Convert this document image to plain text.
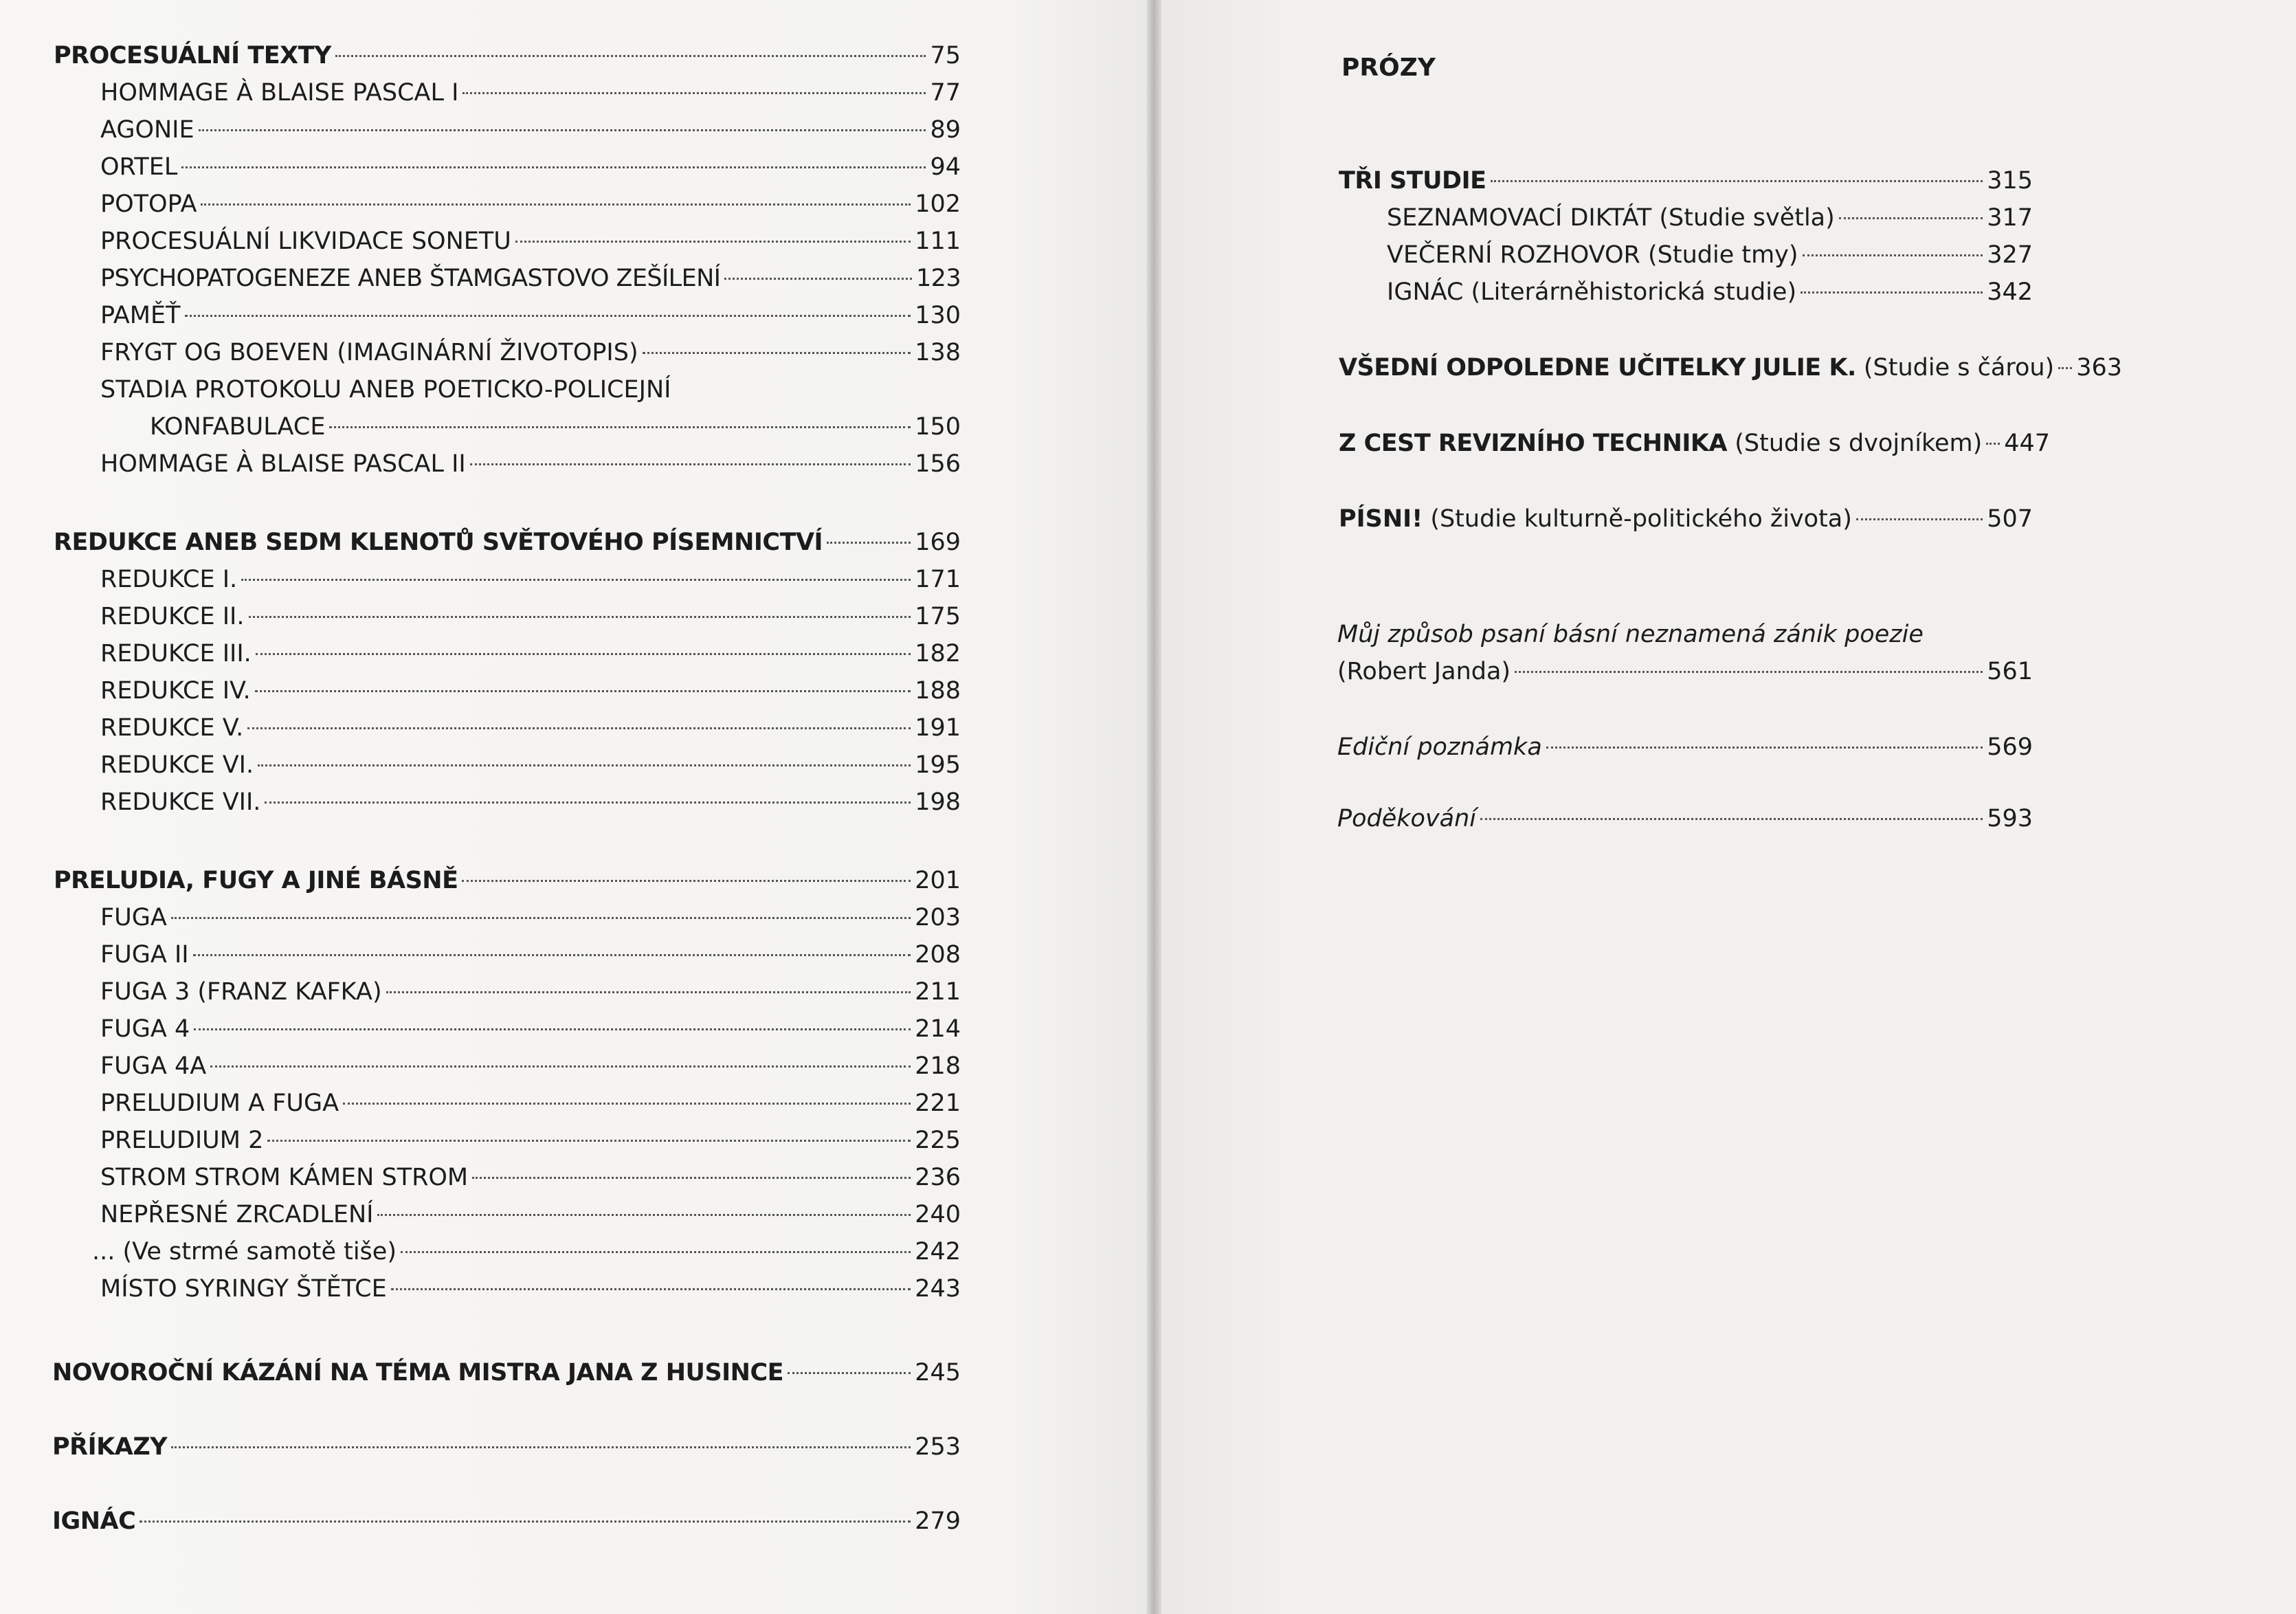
PROCESUÁLNÍ TEXTY	75
HOMMAGE À BLAISE PASCAL I	77
AGONIE	89
ORTEL	94
POTOPA	102
PROCESUÁLNÍ LIKVIDACE SONETU	111
PSYCHOPATOGENEZE ANEB ŠTAMGASTOVO ZEŠÍLENÍ	123
PAMĚŤ	130
FRYGT OG BOEVEN (IMAGINÁRNÍ ŽIVOTOPIS)	138
STADIA PROTOKOLU ANEB POETICKO-POLICEJNÍ
KONFABULACE	150
HOMMAGE À BLAISE PASCAL II	156
REDUKCE ANEB SEDM KLENOTŮ SVĚTOVÉHO PÍSEMNICTVÍ	169
REDUKCE I.	171
REDUKCE II.	175
REDUKCE III.	182
REDUKCE IV.	188
REDUKCE V.	191
REDUKCE VI.	195
REDUKCE VII.	198
PRELUDIA, FUGY A JINÉ BÁSNĚ	201
FUGA	203
FUGA II	208
FUGA 3 (FRANZ KAFKA)	211
FUGA 4	214
FUGA 4A	218
PRELUDIUM A FUGA	221
PRELUDIUM 2	225
STROM STROM KÁMEN STROM	236
NEPŘESNÉ ZRCADLENÍ	240
... (Ve strmé samotě tiše)	242
MÍSTO SYRINGY ŠTĚTCE	243
NOVOROČNÍ KÁZÁNÍ NA TÉMA MISTRA JANA Z HUSINCE	245
PŘÍKAZY	253
IGNÁC	279
PRÓZY
TŘI STUDIE	315
SEZNAMOVACÍ DIKTÁT (Studie světla)	317
VEČERNÍ ROZHOVOR (Studie tmy)	327
IGNÁC (Literárněhistorická studie)	342
VŠEDNÍ ODPOLEDNE UČITELKY JULIE K. (Studie s čárou) 363
Z CEST REVIZNÍHO TECHNIKA (Studie s dvojníkem) 447
PÍSNI! (Studie kulturně-politického života)	507
Můj způsob psaní básní neznamená zánik poezie
(Robert Janda)	561
Ediční poznámka	569
Poděkování	593
